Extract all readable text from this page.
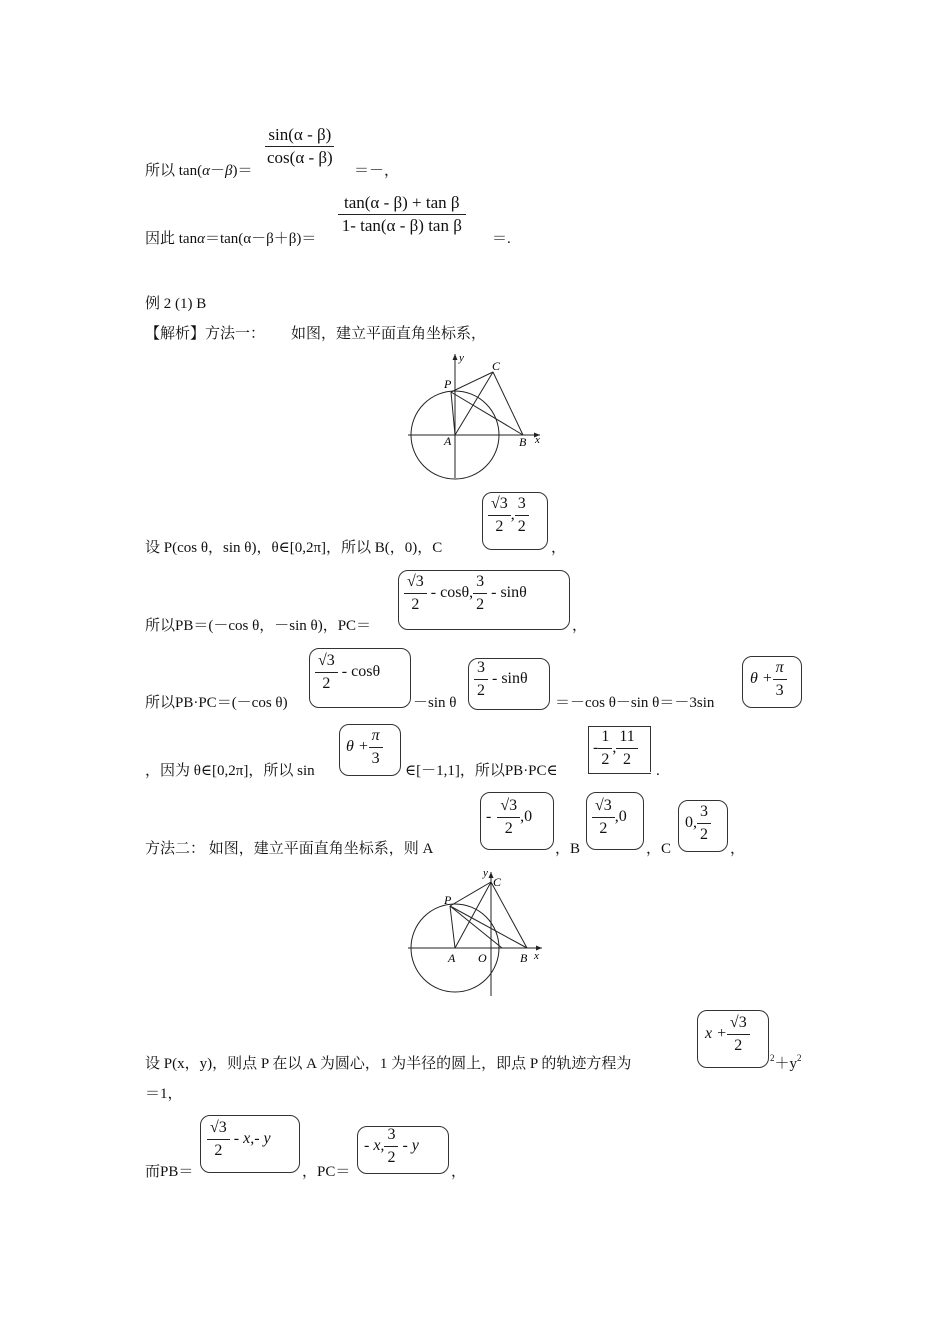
$\frac{\sin(\alpha - \beta)}{\cos(\alpha - \beta)}$
所以 tan(α－β)＝	＝－，
$\frac{\text{tan(α - β) + tan β}}{\text{1- tan(α - β) tan β}}$
因此 tanα＝tan(α－β＋β)＝	＝.
例 2 (1) B
【解析】方法一： 如图，建立平面直角坐标系，
y
x
P
C
A	B
设 P(cos θ，sin θ)，θ∈[0,2π]，所以 B(，0)，C
$\frac{√3}{2}$ , $\frac{3}{2}$
，
所以PB＝(－cos θ，－sin θ)，PC＝
$\frac{√3}{2}$ - cosθ, $\frac{3}{2}$ - sinθ
，
所以PB·PC＝(－cos θ)
$\frac{√3}{2}$ - cosθ
－sin θ
$\frac{3}{2}$ - sinθ
＝－cos θ－sin θ＝－3sin
$\theta + \frac{\pi}{3}$
，因为 θ∈[0,2π]，所以 sin
$\theta + \frac{\pi}{3}$
∈[－1,1]，所以PB·PC∈
- $\frac{1}{2}$ , $\frac{11}{2}$ .
方法二： 如图，建立平面直角坐标系，则 A
- $\frac{√3}{2} ,0$
，B
$\frac{√3}{2} ,0$
，C
0, $\frac{3}{2}$
，
y
x
P
C
A O	B
设 P(x，y)，则点 P 在以 A 为圆心，1 为半径的圆上，即点 P 的轨迹方程为
$x + \frac{√3}{2}$
$^2+y^2$
＝1，
而PB＝
$\frac{√3}{2} - x,-$ y
，PC＝
- x, $\frac{3}{2}$ - y
，
